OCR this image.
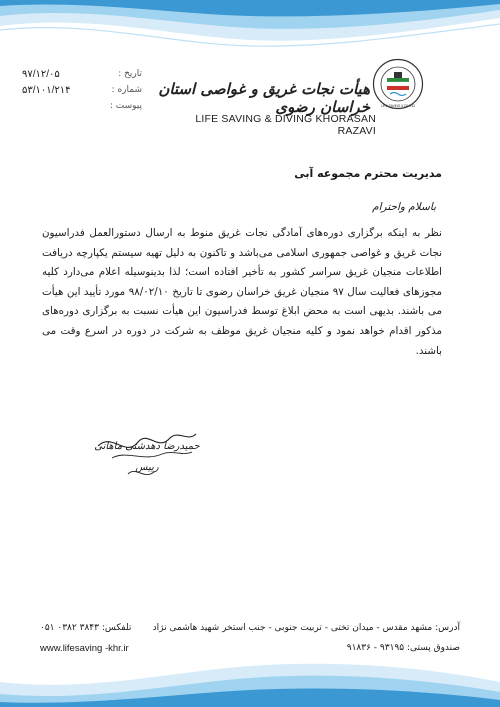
LIFE SAVING & DIVING
هیأت نجات غریق و غواصی استان خراسان رضوی
LIFE SAVING & DIVING KHORASAN RAZAVI
تاریخ :
۹۷/۱۲/۰۵
شماره :
۵۳/۱۰۱/۲۱۴
پیوست :
مدیریت محترم مجموعه آبی
باسلام واحترام
نظر به اینکه برگزاری دوره‌های آمادگی نجات غریق منوط به ارسال دستورالعمل فدراسیون نجات غریق و غواصی جمهوری اسلامی می‌باشد و تاکنون به دلیل تهیه سیستم یکپارچه دریافت اطلاعات منجیان غریق سراسر کشور به تأخیر افتاده است؛ لذا بدینوسیله اعلام می‌دارد کلیه مجوزهای فعالیت سال ۹۷ منجیان غریق خراسان رضوی تا تاریخ ۹۸/۰۲/۱۰ مورد تأیید این هیأت می باشند. بدیهی است به محض ابلاغ توسط فدراسیون این هیأت نسبت به برگزاری دوره‌های مذکور اقدام خواهد نمود و کلیه منجیان غریق موظف به شرکت در دوره در اسرع وقت می باشند.
حمیدرضا دهدشتی ماهانی
رییس
آدرس: مشهد مقدس - میدان تختی - تربیت جنوبی - جنب استخر شهید هاشمی نژاد
تلفکس: ۳۸۴۳ ۰۳۸۲ ۰۵۱
صندوق پستی: ۹۳۱۹۵ - ۹۱۸۳۶
www.lifesaving -khr.ir
